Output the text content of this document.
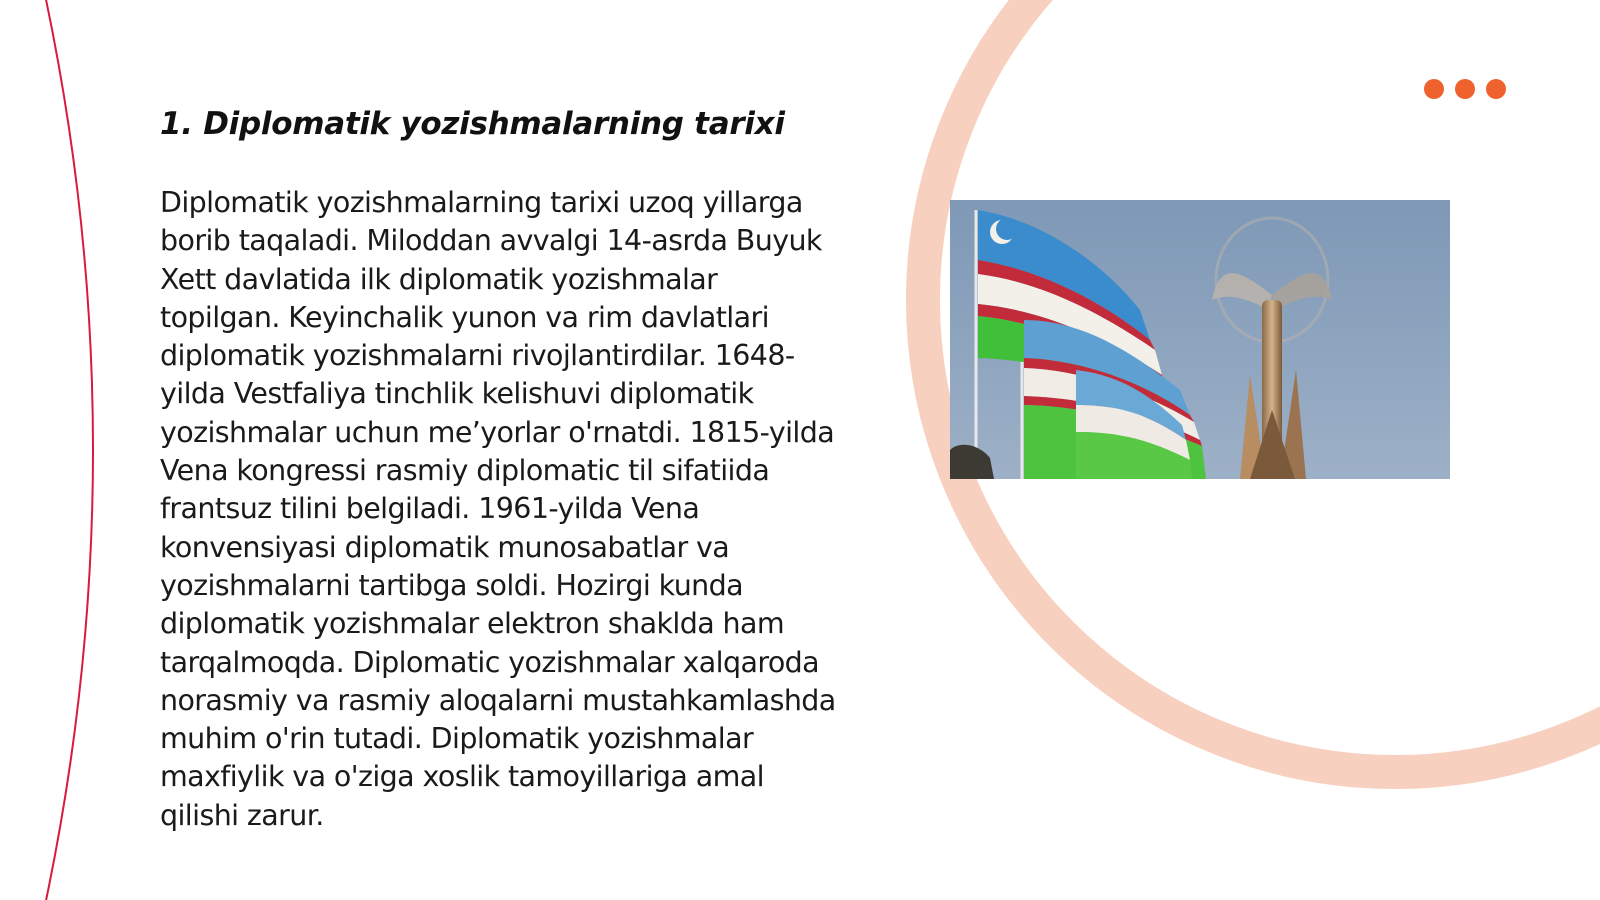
1. Diplomatik yozishmalarning tarixi

Diplomatik yozishmalarning tarixi uzoq yillarga borib taqaladi. Miloddan avvalgi 14-asrda Buyuk Xett davlatida ilk diplomatik yozishmalar topilgan. Keyinchalik yunon va rim davlatlari diplomatik yozishmalarni rivojlantirdilar. 1648-yilda Vestfaliya tinchlik kelishuvi diplomatik yozishmalar uchun me’yorlar o'rnatdi. 1815-yilda Vena kongressi rasmiy diplomatic til sifatiida frantsuz tilini belgiladi. 1961-yilda Vena konvensiyasi diplomatik munosabatlar va yozishmalarni tartibga soldi. Hozirgi kunda diplomatik yozishmalar elektron shaklda ham tarqalmoqda. Diplomatic yozishmalar xalqaroda norasmiy va rasmiy aloqalarni mustahkamlashda muhim o'rin tutadi. Diplomatik yozishmalar maxfiylik va o'ziga xoslik tamoyillariga amal qilishi zarur.
